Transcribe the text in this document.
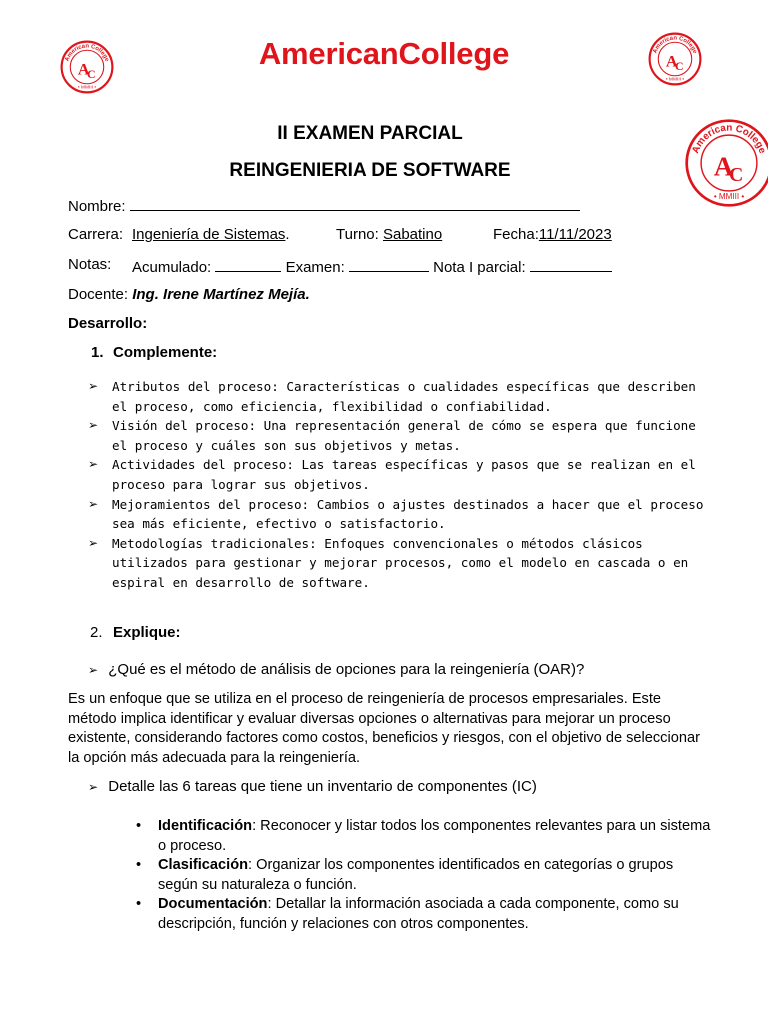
American College
A
C
• MMIII •
American College
A
C
• MMIII •
American College
A
C
• MMIII •
AmericanCollege
II EXAMEN PARCIAL
REINGENIERIA DE SOFTWARE
Nombre:
Carrera: Ingeniería de Sistemas.	Turno: Sabatino	Fecha:11/11/2023
Notas: Acumulado:	Examen:	Nota I parcial:
Docente: Ing. Irene Martínez Mejía.
Desarrollo:
1. Complemente:
➢ Atributos del proceso: Características o cualidades específicas que describen el proceso, como eficiencia, flexibilidad o confiabilidad.
➢ Visión del proceso: Una representación general de cómo se espera que funcione el proceso y cuáles son sus objetivos y metas.
➢ Actividades del proceso: Las tareas específicas y pasos que se realizan en el proceso para lograr sus objetivos.
➢ Mejoramientos del proceso: Cambios o ajustes destinados a hacer que el proceso sea más eficiente, efectivo o satisfactorio.
➢ Metodologías tradicionales: Enfoques convencionales o métodos clásicos utilizados para gestionar y mejorar procesos, como el modelo en cascada o en espiral en desarrollo de software.
2. Explique:
➢ ¿Qué es el método de análisis de opciones para la reingeniería (OAR)?
Es un enfoque que se utiliza en el proceso de reingeniería de procesos empresariales. Este método implica identificar y evaluar diversas opciones o alternativas para mejorar un proceso existente, considerando factores como costos, beneficios y riesgos, con el objetivo de seleccionar la opción más adecuada para la reingeniería.
➢ Detalle las 6 tareas que tiene un inventario de componentes (IC)
• Identificación: Reconocer y listar todos los componentes relevantes para un sistema o proceso.
• Clasificación: Organizar los componentes identificados en categorías o grupos según su naturaleza o función.
• Documentación: Detallar la información asociada a cada componente, como su descripción, función y relaciones con otros componentes.
